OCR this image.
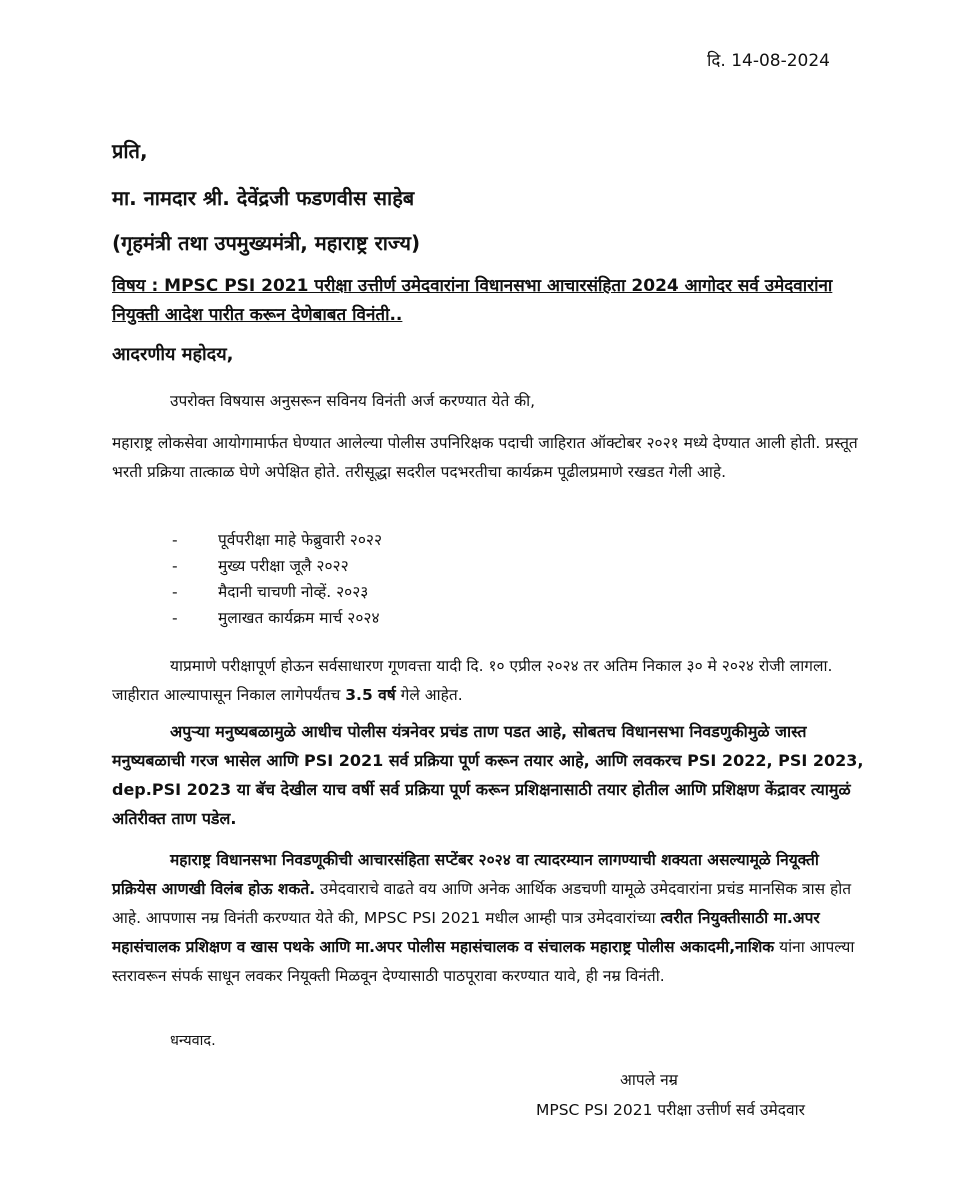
दि. 14-08-2024
प्रति,
मा. नामदार श्री. देवेंद्रजी फडणवीस साहेब
(गृहमंत्री तथा उपमुख्यमंत्री, महाराष्ट्र राज्य)
विषय : MPSC PSI 2021 परीक्षा उत्तीर्ण उमेदवारांना विधानसभा आचारसंहिता 2024 आगोदर सर्व उमेदवारांना नियुक्ती आदेश पारीत करून देणेबाबत विनंती..
आदरणीय महोदय,
उपरोक्त विषयास अनुसरून सविनय विनंती अर्ज करण्यात येते की,
महाराष्ट्र लोकसेवा आयोगामार्फत घेण्यात आलेल्या पोलीस उपनिरिक्षक पदाची जाहिरात ऑक्टोबर २०२१ मध्ये देण्यात आली होती. प्रस्तूत भरती प्रक्रिया तात्काळ घेणे अपेक्षित होते. तरीसूद्धा सदरील पदभरतीचा कार्यक्रम पूढीलप्रमाणे रखडत गेली आहे.
-	पूर्वपरीक्षा माहे फेब्रुवारी २०२२
-	मुख्य परीक्षा जूलै २०२२
-	मैदानी चाचणी नोव्हें. २०२३
-	मुलाखत कार्यक्रम मार्च २०२४
याप्रमाणे परीक्षापूर्ण होऊन सर्वसाधारण गूणवत्ता यादी दि. १० एप्रील २०२४ तर अतिम निकाल ३० मे २०२४ रोजी लागला. जाहीरात आल्यापासून निकाल लागेपर्यंतच 3.5 वर्ष गेले आहेत.
अपुऱ्या मनुष्यबळामुळे आधीच पोलीस यंत्रनेवर प्रचंड ताण पडत आहे, सोबतच विधानसभा निवडणुकीमुळे जास्त मनुष्यबळाची गरज भासेल आणि PSI 2021 सर्व प्रक्रिया पूर्ण करून तयार आहे, आणि लवकरच PSI 2022, PSI 2023, dep.PSI 2023 या बॅच देखील याच वर्षी सर्व प्रक्रिया पूर्ण करून प्रशिक्षनासाठी तयार होतील आणि प्रशिक्षण केंद्रावर त्यामुळं अतिरीक्त ताण पडेल.
महाराष्ट्र विधानसभा निवडणूकीची आचारसंहिता सप्टेंबर २०२४ वा त्यादरम्यान लागण्याची शक्यता असल्यामूळे नियूक्ती प्रक्रियेस आणखी विलंब होऊ शकते. उमेदवाराचे वाढते वय आणि अनेक आर्थिक अडचणी यामूळे उमेदवारांना प्रचंड मानसिक त्रास होत आहे. आपणास नम्र विनंती करण्यात येते की, MPSC PSI 2021 मधील आम्ही पात्र उमेदवारांच्या त्वरीत नियुक्तीसाठी मा.अपर महासंचालक प्रशिक्षण व खास पथके आणि मा.अपर पोलीस महासंचालक व संचालक महाराष्ट्र पोलीस अकादमी,नाशिक यांना आपल्या स्तरावरून संपर्क साधून लवकर नियूक्ती मिळवून देण्यासाठी पाठपूरावा करण्यात यावे, ही नम्र विनंती.
धन्यवाद.
आपले नम्र
MPSC PSI 2021 परीक्षा उत्तीर्ण सर्व उमेदवार
